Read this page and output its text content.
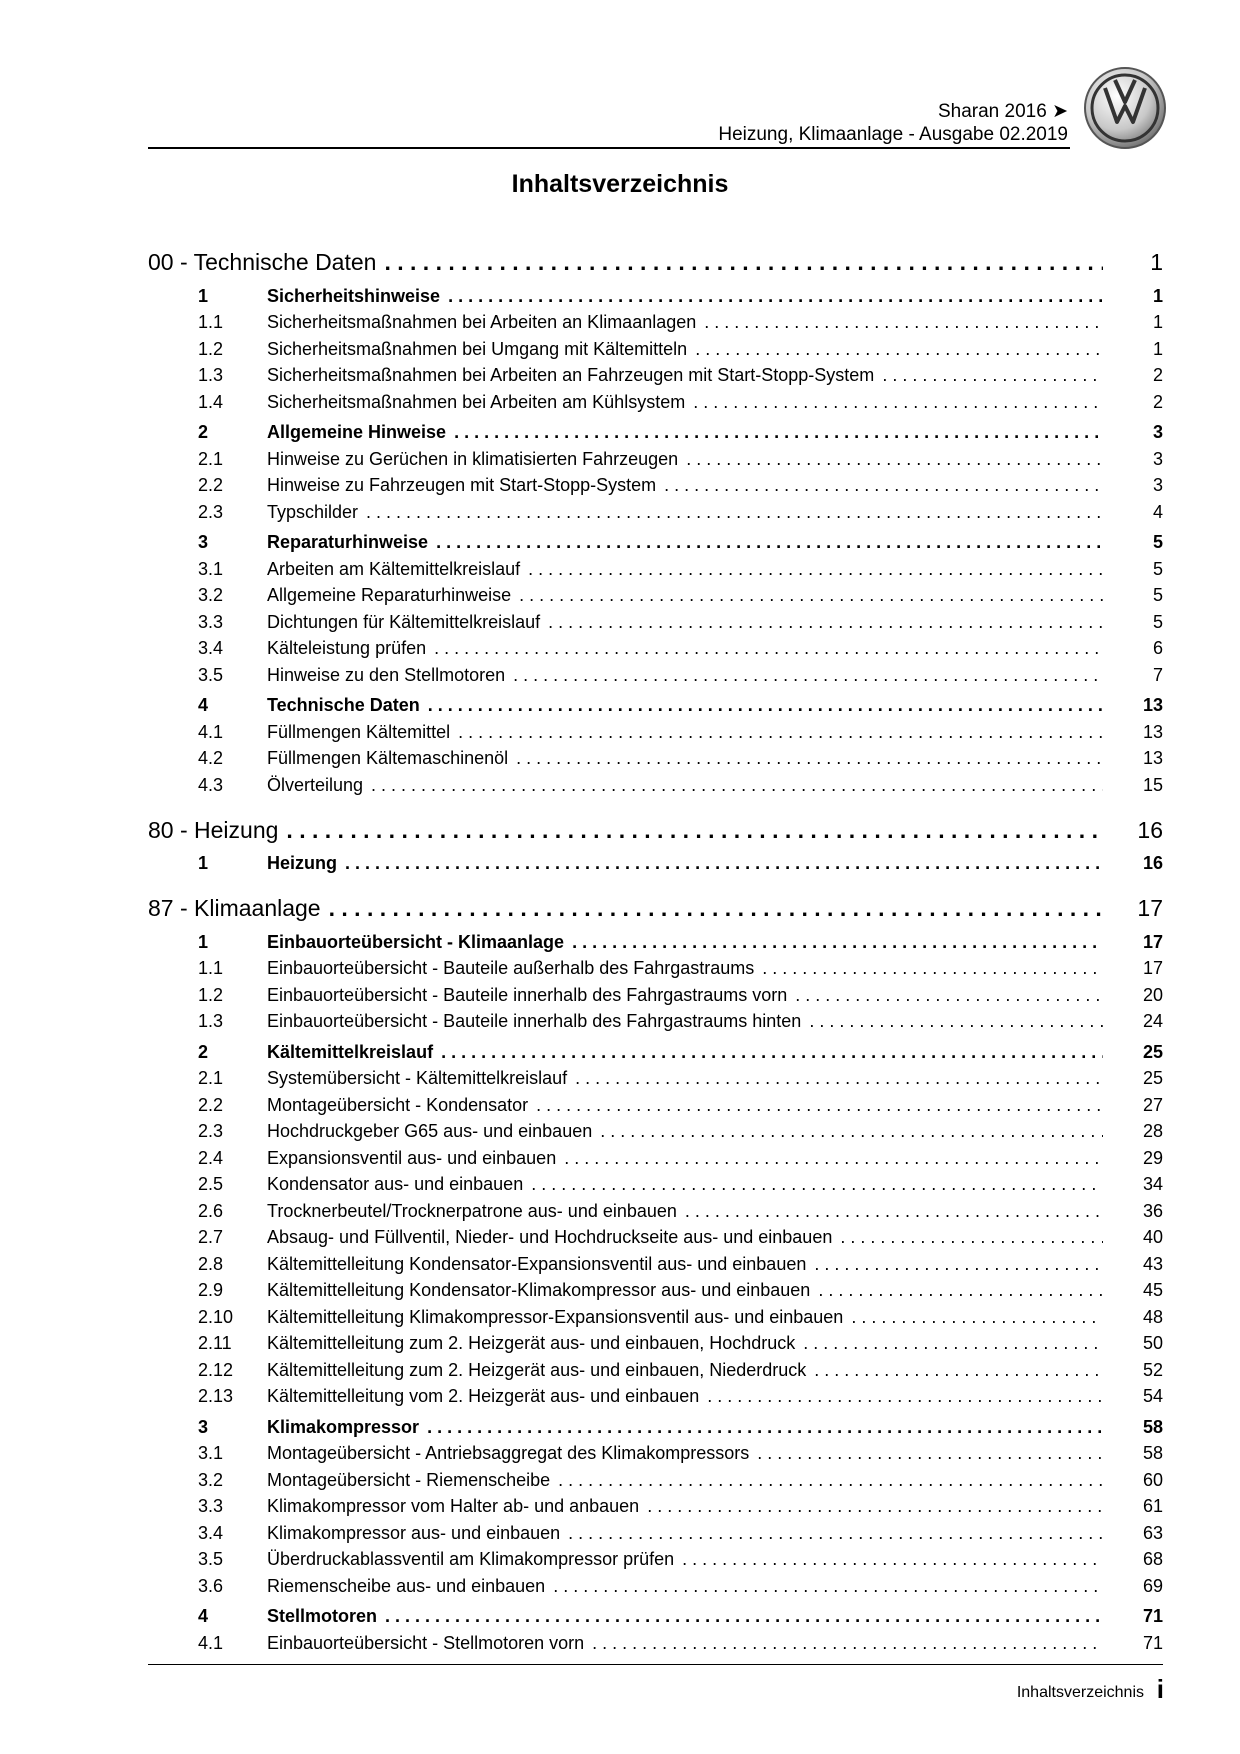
Sharan 2016 ➤
Heizung, Klimaanlage - Ausgabe 02.2019
Inhaltsverzeichnis
00 - Technische Daten . . .	1
1	Sicherheitshinweise . . .	1
1.1	Sicherheitsmaßnahmen bei Arbeiten an Klimaanlagen . . .	1
1.2	Sicherheitsmaßnahmen bei Umgang mit Kältemitteln . . .	1
1.3	Sicherheitsmaßnahmen bei Arbeiten an Fahrzeugen mit Start-Stopp-System . . .	2
1.4	Sicherheitsmaßnahmen bei Arbeiten am Kühlsystem . . .	2
2	Allgemeine Hinweise . . .	3
2.1	Hinweise zu Gerüchen in klimatisierten Fahrzeugen . . .	3
2.2	Hinweise zu Fahrzeugen mit Start-Stopp-System . . .	3
2.3	Typschilder . . .	4
3	Reparaturhinweise . . .	5
3.1	Arbeiten am Kältemittelkreislauf . . .	5
3.2	Allgemeine Reparaturhinweise . . .	5
3.3	Dichtungen für Kältemittelkreislauf . . .	5
3.4	Kälteleistung prüfen . . .	6
3.5	Hinweise zu den Stellmotoren . . .	7
4	Technische Daten . . .	13
4.1	Füllmengen Kältemittel . . .	13
4.2	Füllmengen Kältemaschinenöl . . .	13
4.3	Ölverteilung . . .	15
80 - Heizung . . .	16
1	Heizung . . .	16
87 - Klimaanlage . . .	17
1	Einbauorteübersicht - Klimaanlage . . .	17
1.1	Einbauorteübersicht - Bauteile außerhalb des Fahrgastraums . . .	17
1.2	Einbauorteübersicht - Bauteile innerhalb des Fahrgastraums vorn . . .	20
1.3	Einbauorteübersicht - Bauteile innerhalb des Fahrgastraums hinten . . .	24
2	Kältemittelkreislauf . . .	25
2.1	Systemübersicht - Kältemittelkreislauf . . .	25
2.2	Montageübersicht - Kondensator . . .	27
2.3	Hochdruckgeber G65 aus- und einbauen . . .	28
2.4	Expansionsventil aus- und einbauen . . .	29
2.5	Kondensator aus- und einbauen . . .	34
2.6	Trocknerbeutel/Trocknerpatrone aus- und einbauen . . .	36
2.7	Absaug- und Füllventil, Nieder- und Hochdruckseite aus- und einbauen . . .	40
2.8	Kältemittelleitung Kondensator-Expansionsventil aus- und einbauen . . .	43
2.9	Kältemittelleitung Kondensator-Klimakompressor aus- und einbauen . . .	45
2.10	Kältemittelleitung Klimakompressor-Expansionsventil aus- und einbauen . . .	48
2.11	Kältemittelleitung zum 2. Heizgerät aus- und einbauen, Hochdruck . . .	50
2.12	Kältemittelleitung zum 2. Heizgerät aus- und einbauen, Niederdruck . . .	52
2.13	Kältemittelleitung vom 2. Heizgerät aus- und einbauen . . .	54
3	Klimakompressor . . .	58
3.1	Montageübersicht - Antriebsaggregat des Klimakompressors . . .	58
3.2	Montageübersicht - Riemenscheibe . . .	60
3.3	Klimakompressor vom Halter ab- und anbauen . . .	61
3.4	Klimakompressor aus- und einbauen . . .	63
3.5	Überdruckablassventil am Klimakompressor prüfen . . .	68
3.6	Riemenscheibe aus- und einbauen . . .	69
4	Stellmotoren . . .	71
4.1	Einbauorteübersicht - Stellmotoren vorn . . .	71
Inhaltsverzeichnis i
